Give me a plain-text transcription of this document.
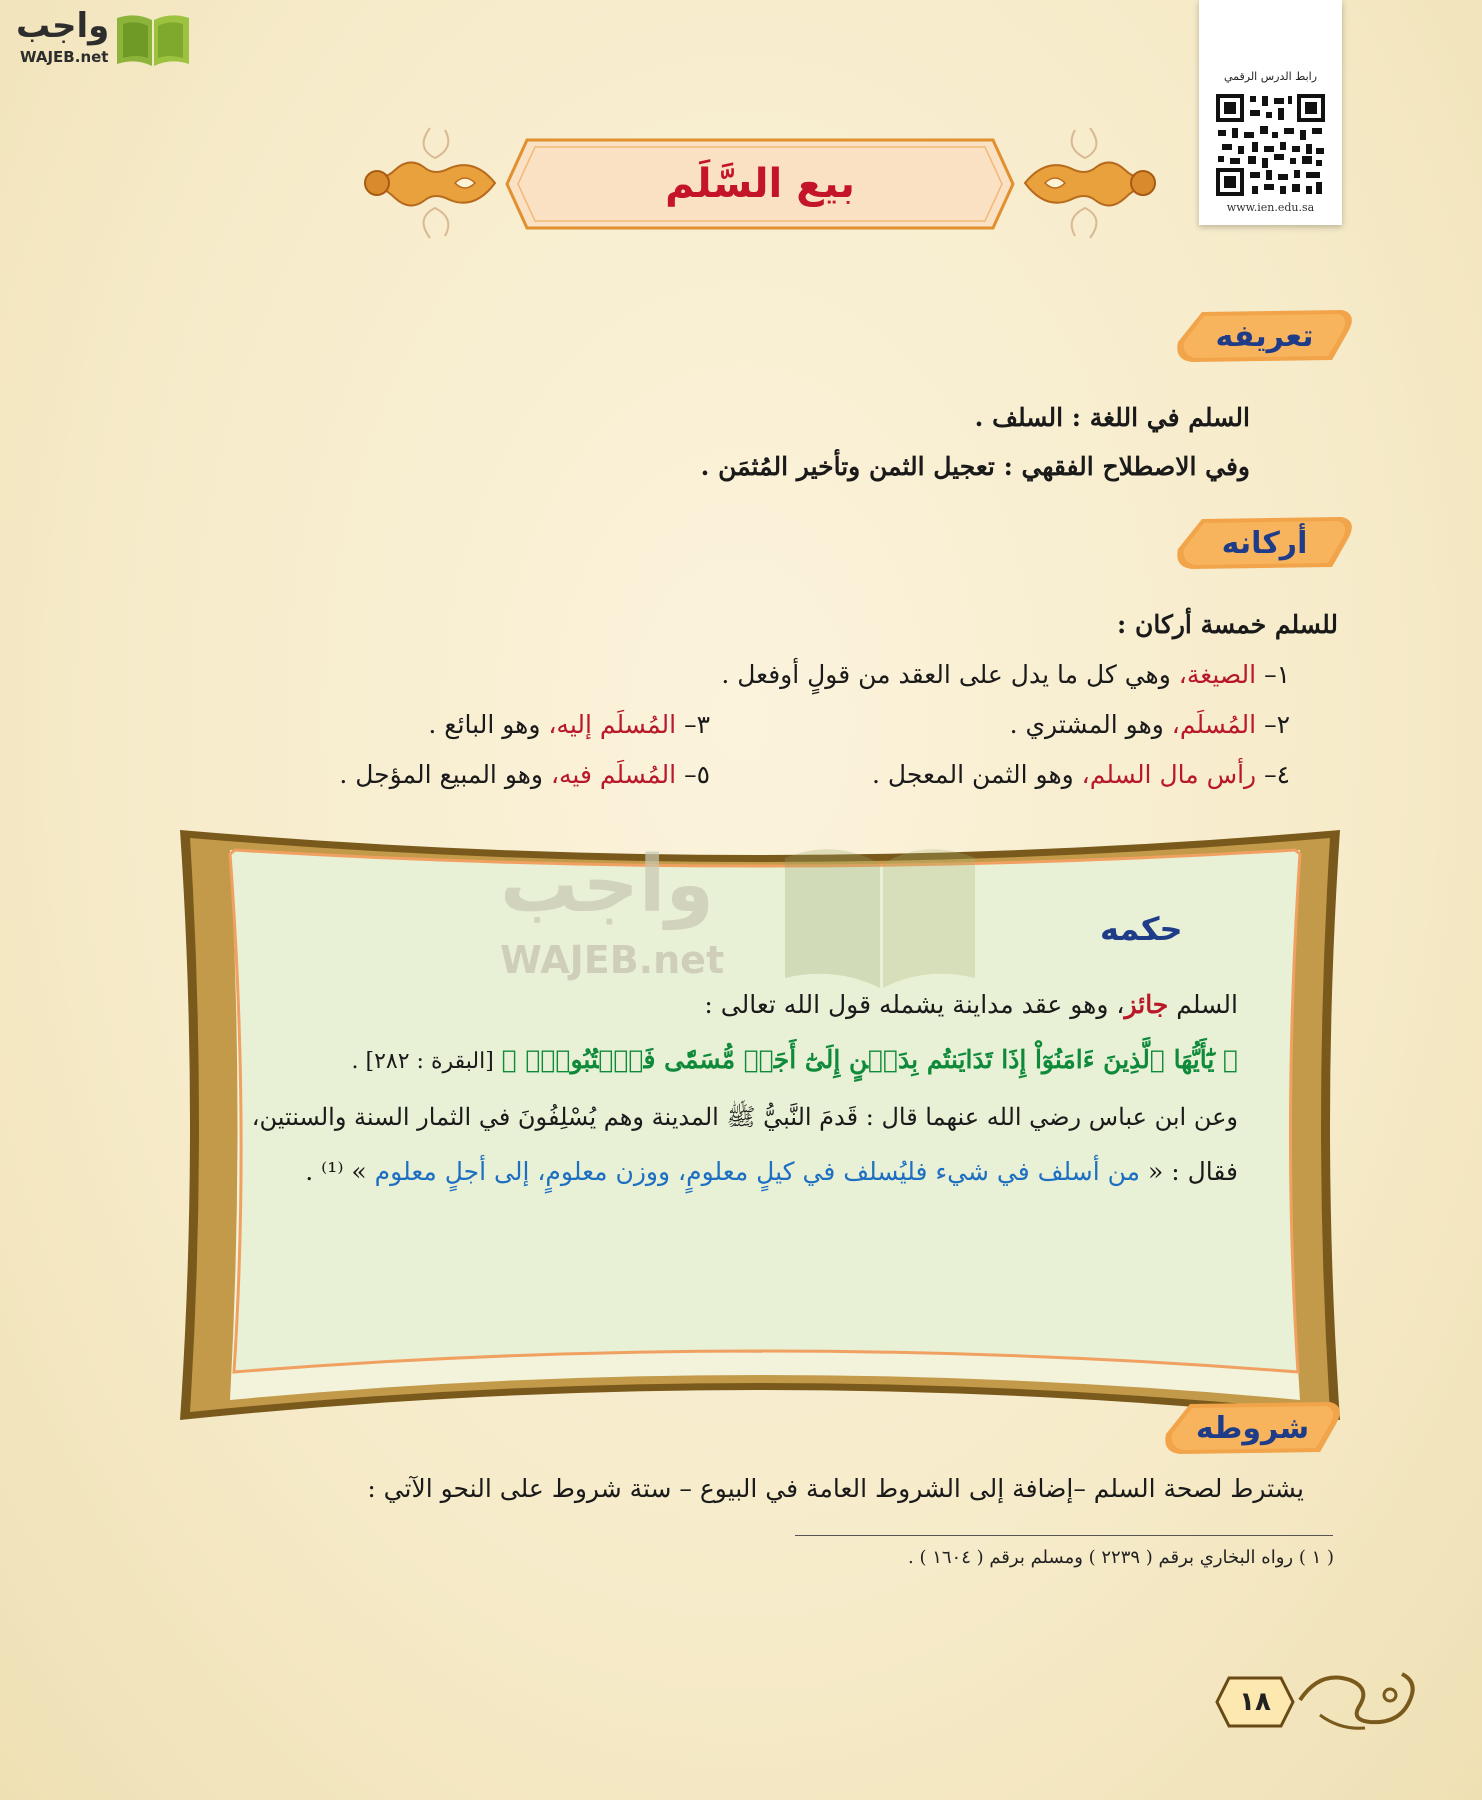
واجب
WAJEB.net
رابط الدرس الرقمي
www.ien.edu.sa
بيع السَّلَم
تعريفه
السلم في اللغة : السلف .
وفي الاصطلاح الفقهي : تعجيل الثمن وتأخير المُثمَن .
أركانه
للسلم خمسة أركان :
١– الصيغة، وهي كل ما يدل على العقد من قولٍ أوفعل .
٢– المُسلَم، وهو المشتري .
٣– المُسلَم إليه، وهو البائع .
٤– رأس مال السلم، وهو الثمن المعجل .
٥– المُسلَم فيه، وهو المبيع المؤجل .
واجب
WAJEB.net
حكمه
السلم جائز، وهو عقد مداينة يشمله قول الله تعالى :
﴿ يَٰٓأَيُّهَا ٱلَّذِينَ ءَامَنُوٓاْ إِذَا تَدَايَنتُم بِدَيۡنٍ إِلَىٰٓ أَجَلٖ مُّسَمّٗى فَٱكۡتُبُوهُۚ ﴾ [البقرة : ٢٨٢] .
وعن ابن عباس رضي الله عنهما قال : قَدمَ النَّبيُّ ﷺ المدينة وهم يُسْلِفُونَ في الثمار السنة والسنتين،
فقال : « من أسلف في شيء فليُسلف في كيلٍ معلومٍ، ووزن معلومٍ، إلى أجلٍ معلوم » ⁽¹⁾ .
شروطه
يشترط لصحة السلم –إضافة إلى الشروط العامة في البيوع – ستة شروط على النحو الآتي :
( ١ ) رواه البخاري برقم ( ٢٢٣٩ ) ومسلم برقم ( ١٦٠٤ ) .
١٨
